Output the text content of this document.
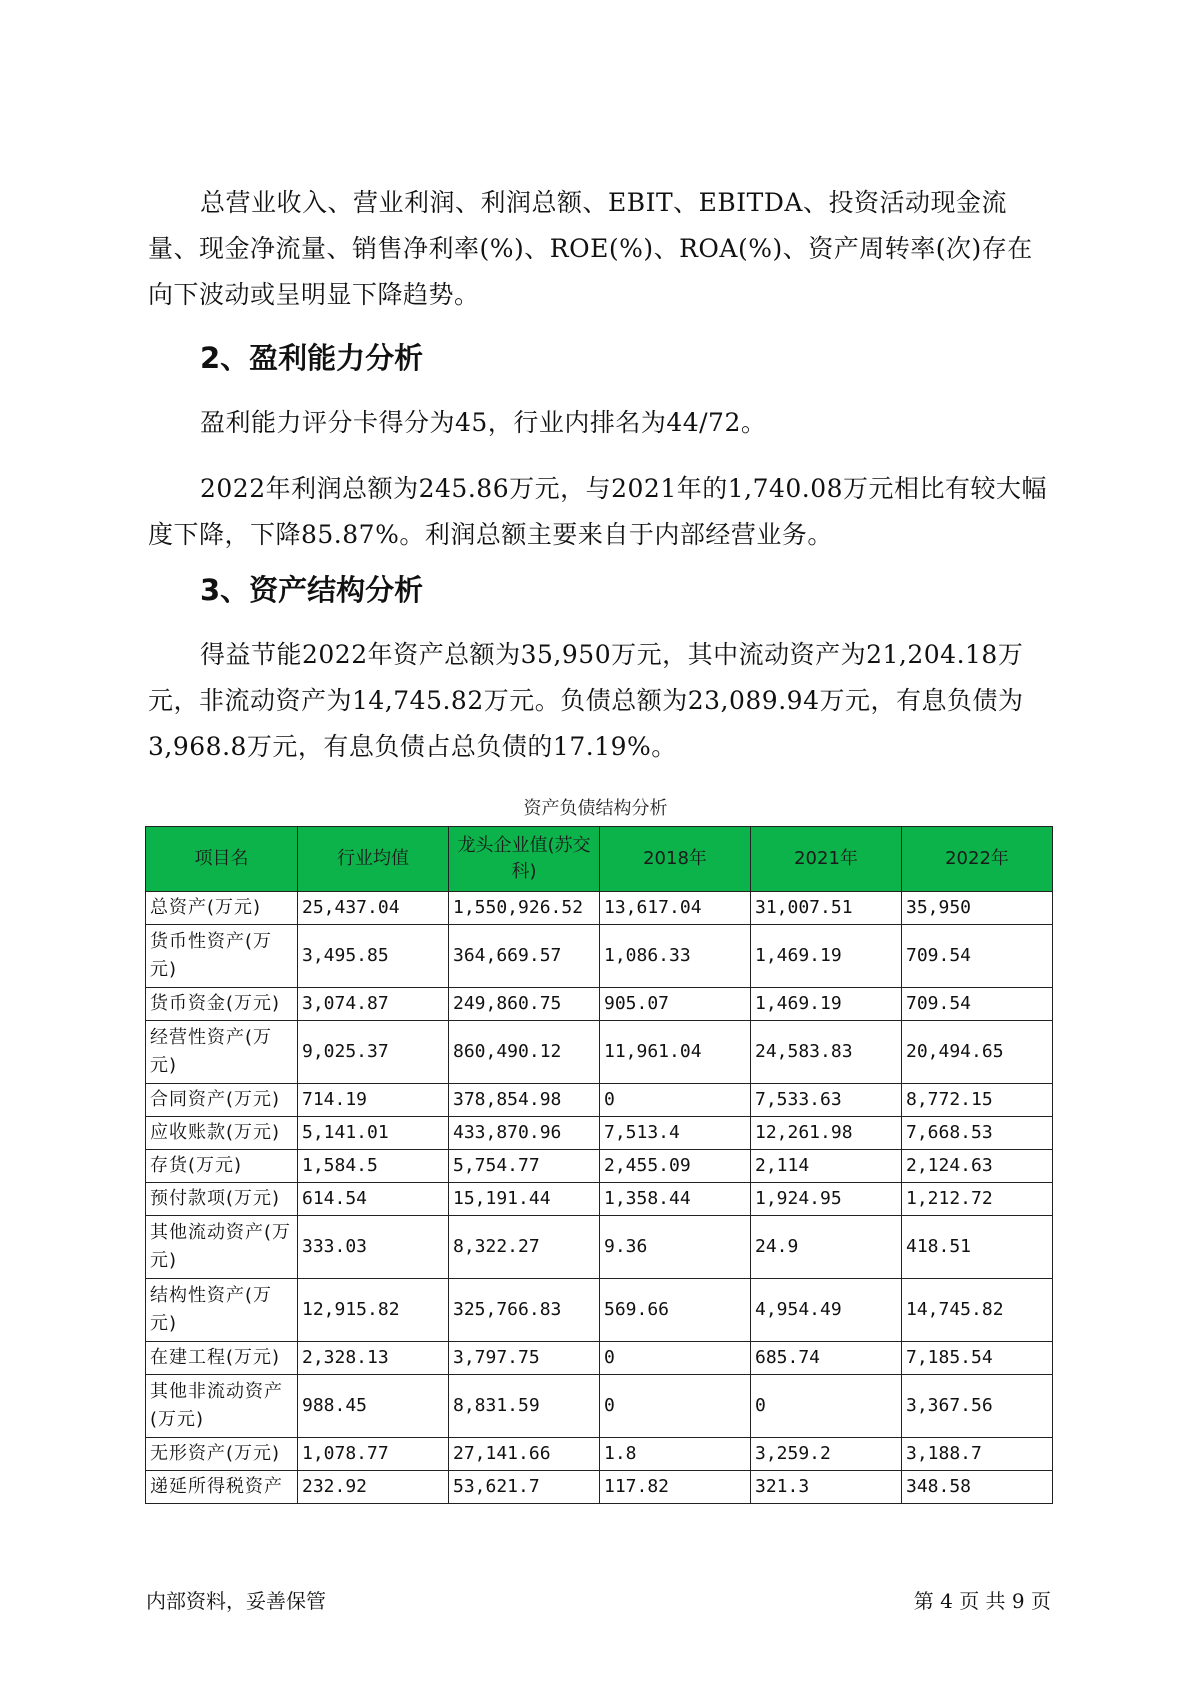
总营业收入、营业利润、利润总额、EBIT、EBITDA、投资活动现金流量、现金净流量、销售净利率(%)、ROE(%)、ROA(%)、资产周转率(次)存在向下波动或呈明显下降趋势。

2、盈利能力分析

盈利能力评分卡得分为45，行业内排名为44/72。

2022年利润总额为245.86万元，与2021年的1,740.08万元相比有较大幅度下降，下降85.87%。利润总额主要来自于内部经营业务。

3、资产结构分析

得益节能2022年资产总额为35,950万元，其中流动资产为21,204.18万元，非流动资产为14,745.82万元。负债总额为23,089.94万元，有息负债为3,968.8万元，有息负债占总负债的17.19%。

资产负债结构分析
项目名	行业均值	龙头企业值(苏交科)	2018年	2021年	2022年
总资产(万元)	25,437.04	1,550,926.52	13,617.04	31,007.51	35,950
货币性资产(万元)	3,495.85	364,669.57	1,086.33	1,469.19	709.54
货币资金(万元)	3,074.87	249,860.75	905.07	1,469.19	709.54
经营性资产(万元)	9,025.37	860,490.12	11,961.04	24,583.83	20,494.65
合同资产(万元)	714.19	378,854.98	0	7,533.63	8,772.15
应收账款(万元)	5,141.01	433,870.96	7,513.4	12,261.98	7,668.53
存货(万元)	1,584.5	5,754.77	2,455.09	2,114	2,124.63
预付款项(万元)	614.54	15,191.44	1,358.44	1,924.95	1,212.72
其他流动资产(万元)	333.03	8,322.27	9.36	24.9	418.51
结构性资产(万元)	12,915.82	325,766.83	569.66	4,954.49	14,745.82
在建工程(万元)	2,328.13	3,797.75	0	685.74	7,185.54
其他非流动资产(万元)	988.45	8,831.59	0	0	3,367.56
无形资产(万元)	1,078.77	27,141.66	1.8	3,259.2	3,188.7
递延所得税资产	232.92	53,621.7	117.82	321.3	348.58
内部资料，妥善保管	第 4 页 共 9 页
